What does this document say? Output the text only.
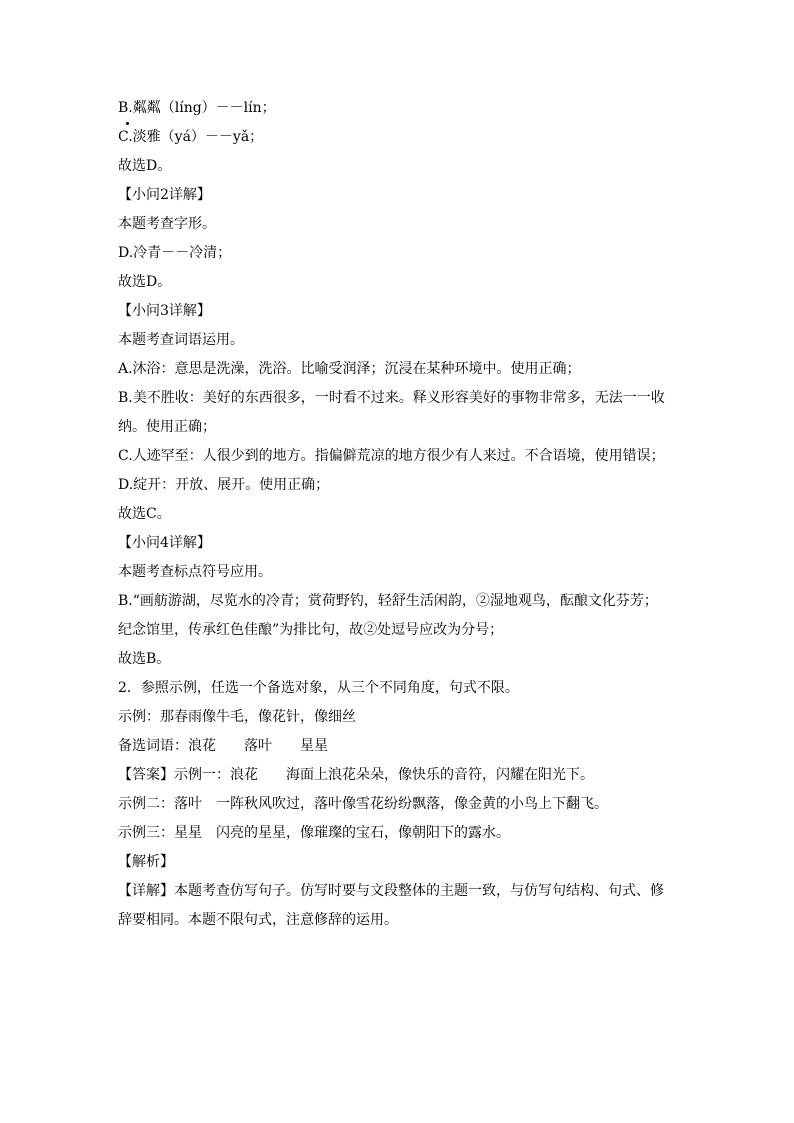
B.粼粼（líng）－－lín；
C.淡雅（yá）－－yǎ；
故选D。
【小问2详解】
本题考查字形。
D.冷青－－冷清；
故选D。
【小问3详解】
本题考查词语运用。
A.沐浴：意思是洗澡，洗浴。比喻受润泽；沉浸在某种环境中。使用正确；
B.美不胜收：美好的东西很多，一时看不过来。释义形容美好的事物非常多，无法一一收
纳。使用正确；
C.人迹罕至：人很少到的地方。指偏僻荒凉的地方很少有人来过。不合语境，使用错误；
D.绽开：开放、展开。使用正确；
故选C。
【小问4详解】
本题考查标点符号应用。
B.“画舫游湖，尽览水的冷青；赏荷野钓，轻舒生活闲韵，②湿地观鸟，酝酿文化芬芳；
纪念馆里，传承红色佳酿”为排比句，故②处逗号应改为分号；
故选B。
2．参照示例，任选一个备选对象，从三个不同角度，句式不限。
示例：那春雨像牛毛，像花针，像细丝
备选词语：浪花　　落叶　　星星
【答案】示例一：浪花　　海面上浪花朵朵，像快乐的音符，闪耀在阳光下。
示例二：落叶　一阵秋风吹过，落叶像雪花纷纷飘落，像金黄的小鸟上下翻飞。
示例三：星星　闪亮的星星，像璀璨的宝石，像朝阳下的露水。
【解析】
【详解】本题考查仿写句子。仿写时要与文段整体的主题一致，与仿写句结构、句式、修
辞要相同。本题不限句式，注意修辞的运用。
